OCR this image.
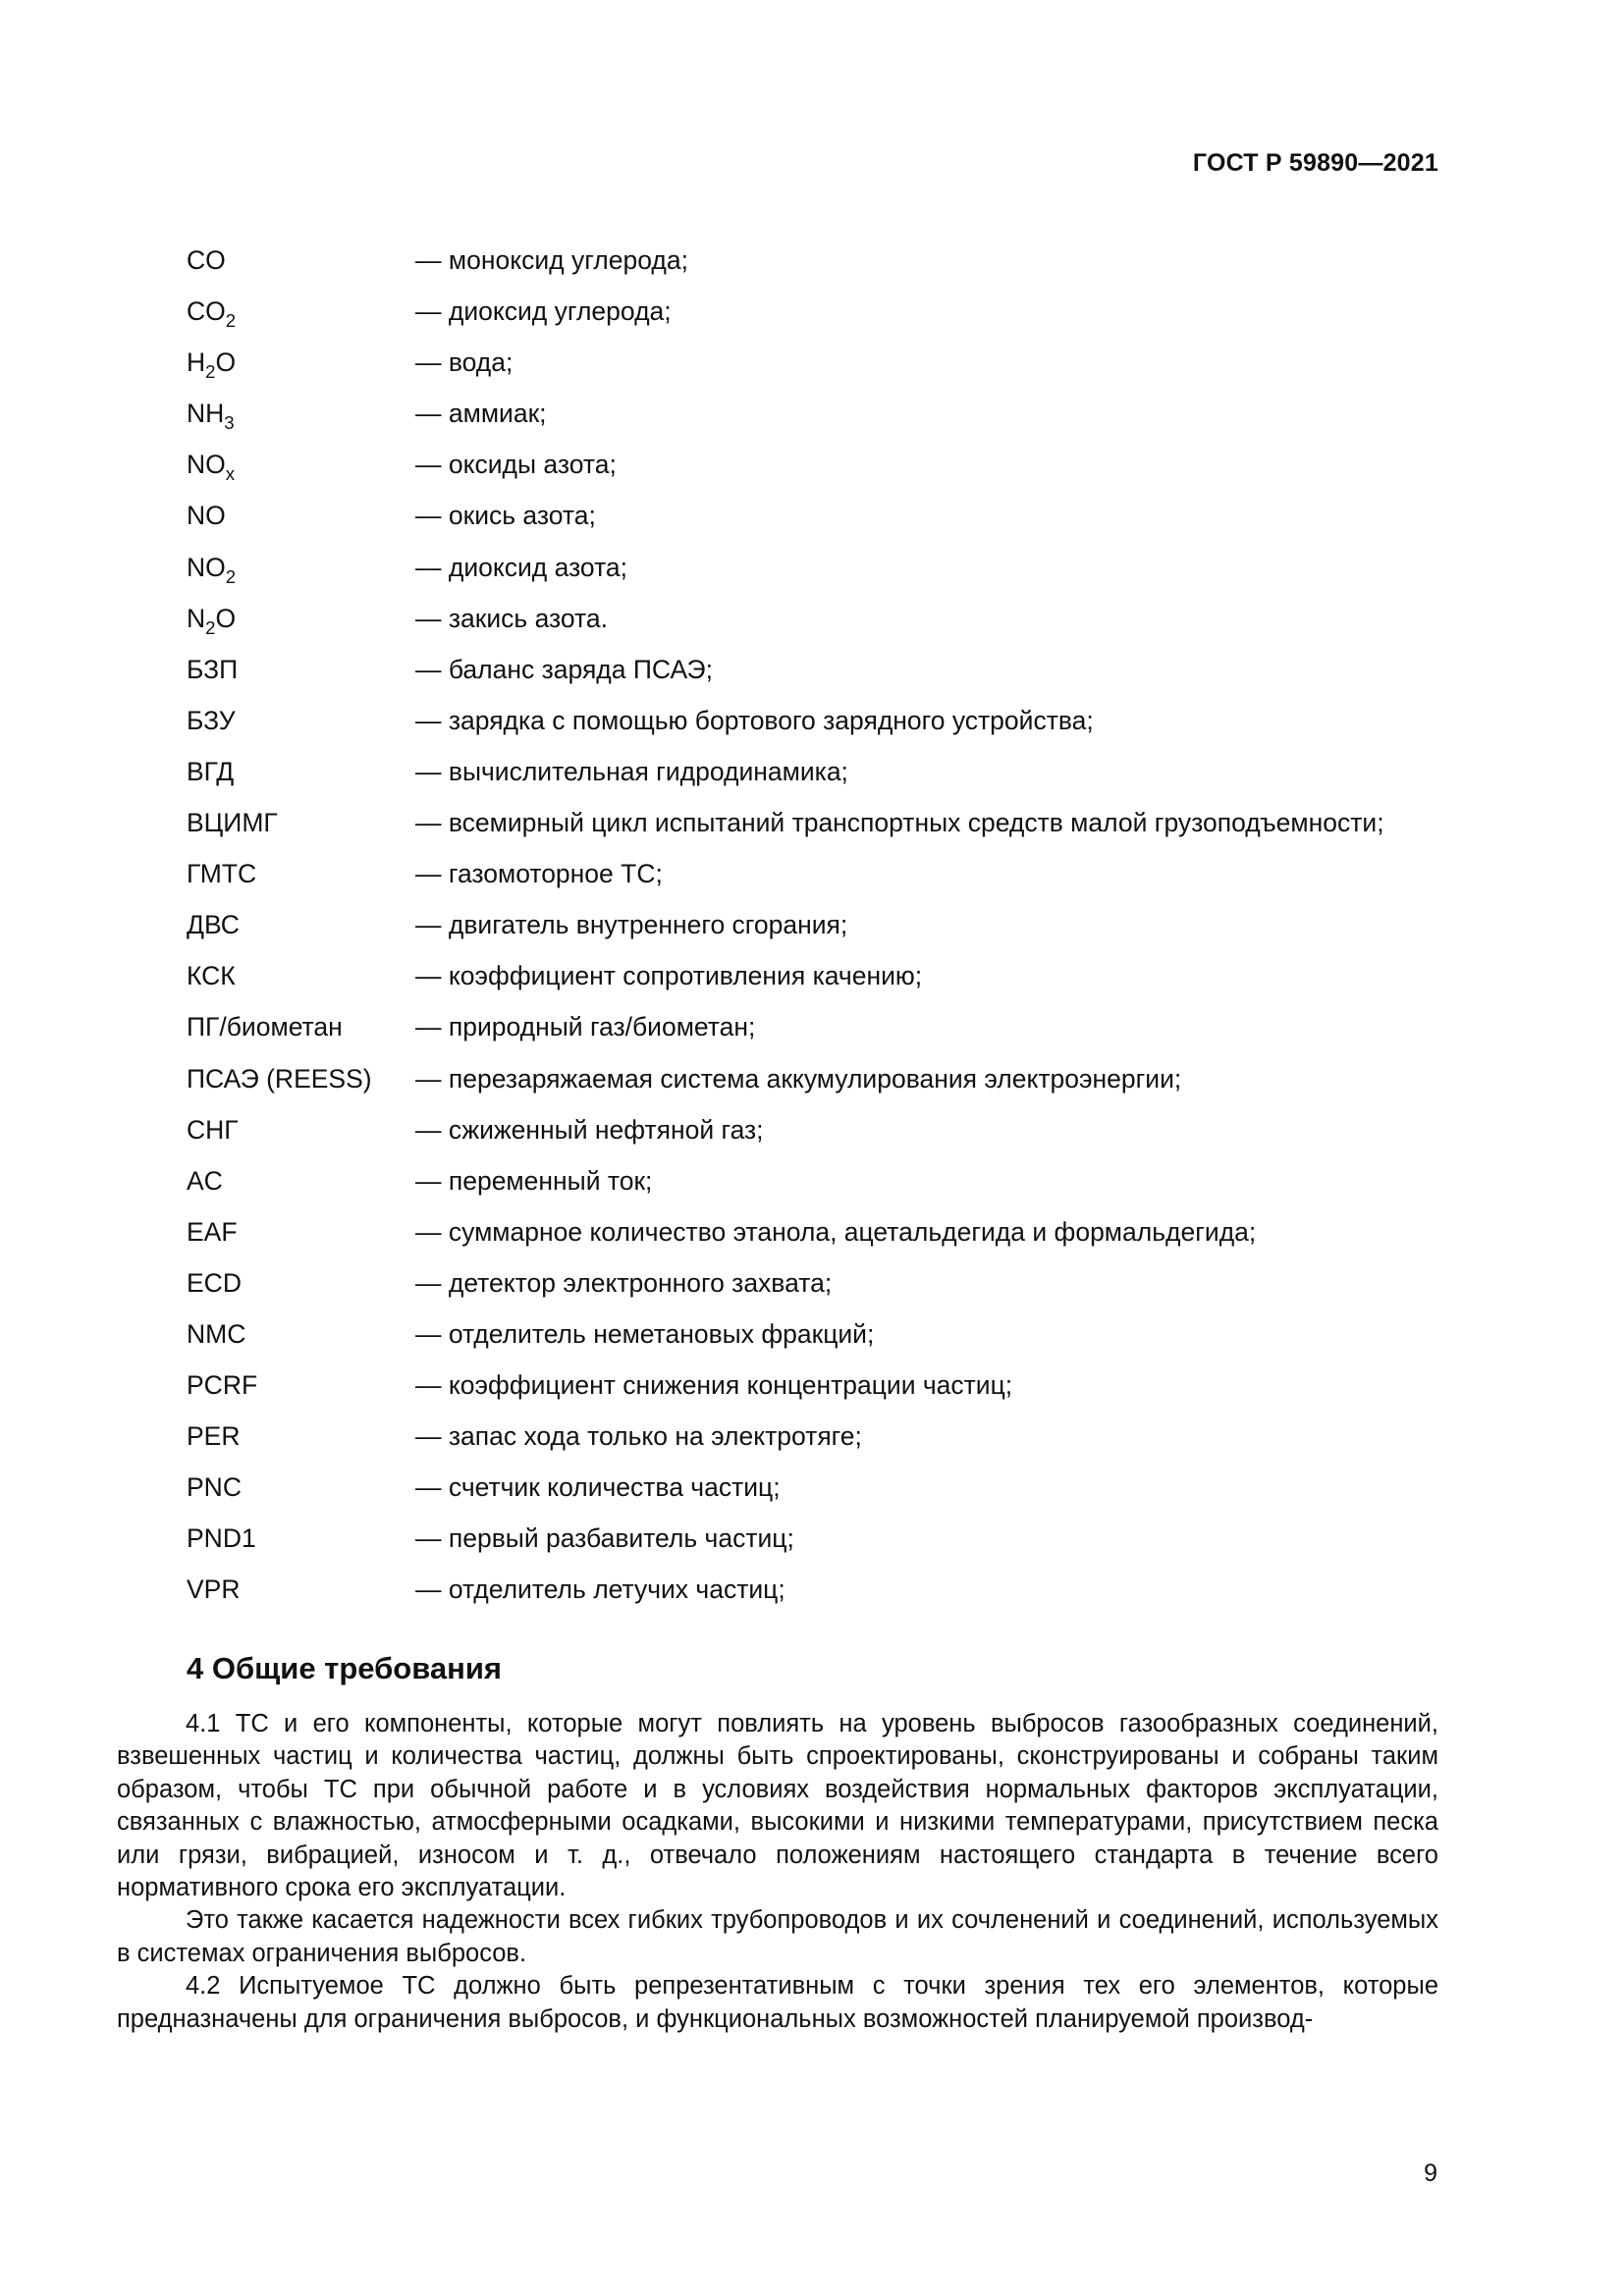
ГОСТ Р 59890—2021
CO	— моноксид углерода;
$CO_2$	— диоксид углерода;
$H_2O$	— вода;
$NH_3$	— аммиак;
$NO_x$	— оксиды азота;
NO	— окись азота;
$NO_2$	— диоксид азота;
$N_2O$	— закись азота.
БЗП	— баланс заряда ПСАЭ;
БЗУ	— зарядка с помощью бортового зарядного устройства;
ВГД	— вычислительная гидродинамика;
ВЦИМГ	— всемирный цикл испытаний транспортных средств малой грузоподъемности;
ГМТС	— газомоторное ТС;
ДВС	— двигатель внутреннего сгорания;
КСК	— коэффициент сопротивления качению;
ПГ/биометан	— природный газ/биометан;
ПСАЭ (REESS) — перезаряжаемая система аккумулирования электроэнергии;
СНГ	— сжиженный нефтяной газ;
AC	— переменный ток;
EAF	— суммарное количество этанола, ацетальдегида и формальдегида;
ECD	— детектор электронного захвата;
NMC	— отделитель неметановых фракций;
PCRF	— коэффициент снижения концентрации частиц;
PER	— запас хода только на электротяге;
PNC	— счетчик количества частиц;
PND1	— первый разбавитель частиц;
VPR	— отделитель летучих частиц;
4 Общие требования

4.1 ТС и его компоненты, которые могут повлиять на уровень выбросов газообразных соединений, взвешенных частиц и количества частиц, должны быть спроектированы, сконструированы и собраны таким образом, чтобы ТС при обычной работе и в условиях воздействия нормальных факторов эксплуатации, связанных с влажностью, атмосферными осадками, высокими и низкими температурами, присутствием песка или грязи, вибрацией, износом и т. д., отвечало положениям настоящего стандарта в течение всего нормативного срока его эксплуатации.

Это также касается надежности всех гибких трубопроводов и их сочленений и соединений, используемых в системах ограничения выбросов.

4.2 Испытуемое ТС должно быть репрезентативным с точки зрения тех его элементов, которые предназначены для ограничения выбросов, и функциональных возможностей планируемой производ-

9
